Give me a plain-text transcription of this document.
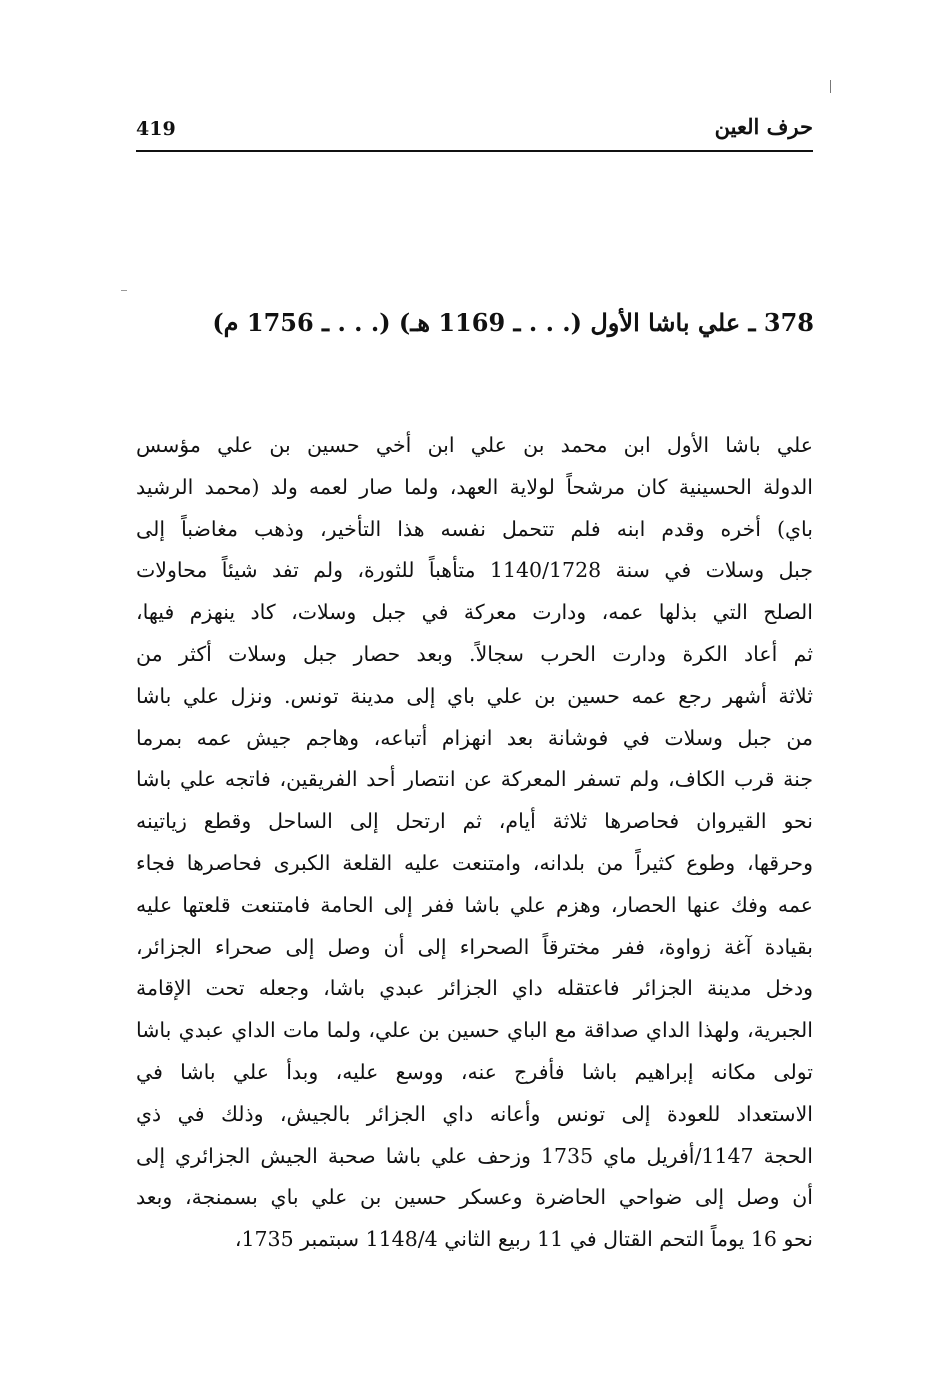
419	حرف العين
378 ـ علي باشا الأول (. . . ـ 1169 هـ) (. . . ـ 1756 م)
علي باشا الأول ابن محمد بن علي ابن أخي حسين بن علي مؤسس
الدولة الحسينية كان مرشحاً لولاية العهد، ولما صار لعمه ولد (محمد الرشيد
باي) أخره وقدم ابنه فلم تتحمل نفسه هذا التأخير، وذهب مغاضباً إلى
جبل وسلات في سنة 1140/1728 متأهباً للثورة، ولم تفد شيئاً محاولات
الصلح التي بذلها عمه، ودارت معركة في جبل وسلات، كاد ينهزم فيها،
ثم أعاد الكرة ودارت الحرب سجالاً. وبعد حصار جبل وسلات أكثر من
ثلاثة أشهر رجع عمه حسين بن علي باي إلى مدينة تونس. ونزل علي باشا
من جبل وسلات في فوشانة بعد انهزام أتباعه، وهاجم جيش عمه بمرما
جنة قرب الكاف، ولم تسفر المعركة عن انتصار أحد الفريقين، فاتجه علي باشا
نحو القيروان فحاصرها ثلاثة أيام، ثم ارتحل إلى الساحل وقطع زياتينه
وحرقها، وطوع كثيراً من بلدانه، وامتنعت عليه القلعة الكبرى فحاصرها فجاء
عمه وفك عنها الحصار، وهزم علي باشا ففر إلى الحامة فامتنعت قلعتها عليه
بقيادة آغة زواوة، ففر مخترقاً الصحراء إلى أن وصل إلى صحراء الجزائر،
ودخل مدينة الجزائر فاعتقله داي الجزائر عبدي باشا، وجعله تحت الإقامة
الجبرية، ولهذا الداي صداقة مع الباي حسين بن علي، ولما مات الداي عبدي باشا
تولى مكانه إبراهيم باشا فأفرج عنه، ووسع عليه، وبدأ علي باشا في
الاستعداد للعودة إلى تونس وأعانه داي الجزائر بالجيش، وذلك في ذي
الحجة 1147/أفريل ماي 1735 وزحف علي باشا صحبة الجيش الجزائري إلى
أن وصل إلى ضواحي الحاضرة وعسكر حسين بن علي باي بسمنجة، وبعد
نحو 16 يوماً التحم القتال في 11 ربيع الثاني 1148/4 سبتمبر 1735،
